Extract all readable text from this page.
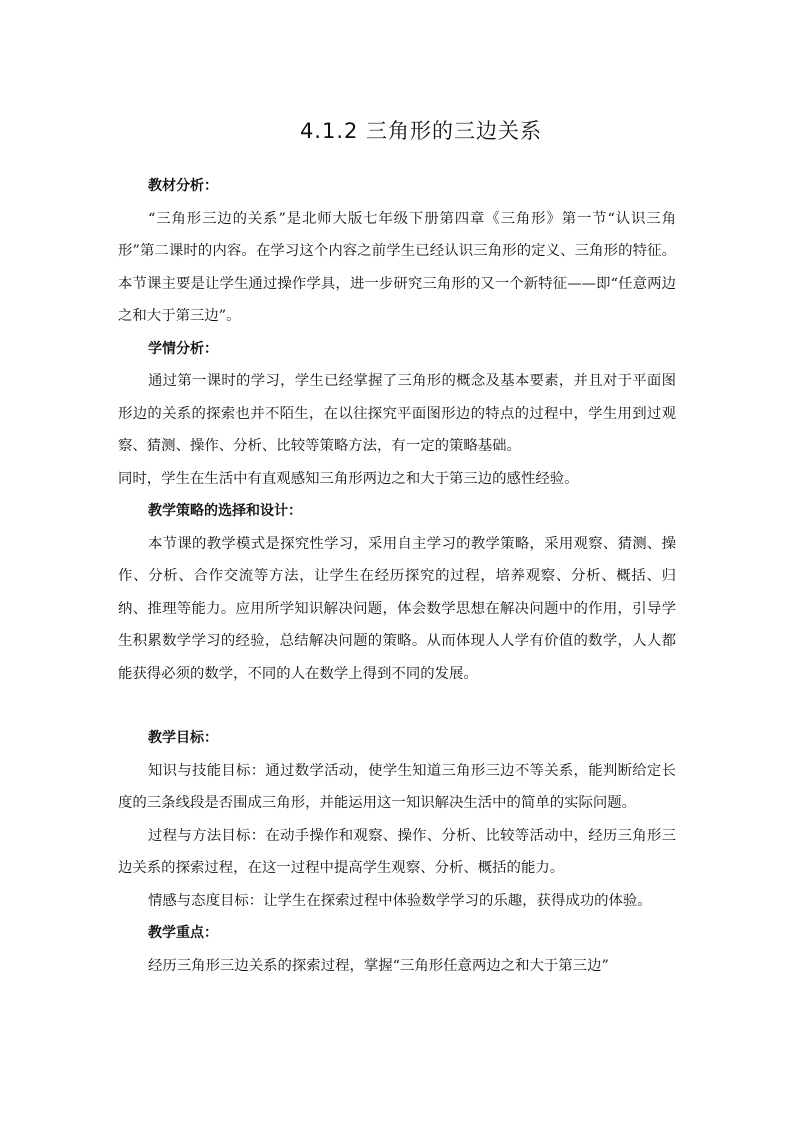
4.1.2 三角形的三边关系

教材分析：

“三角形三边的关系”是北师大版七年级下册第四章《三角形》第一节“认识三角形”第二课时的内容。在学习这个内容之前学生已经认识三角形的定义、三角形的特征。本节课主要是让学生通过操作学具，进一步研究三角形的又一个新特征——即“任意两边之和大于第三边”。

学情分析：

通过第一课时的学习，学生已经掌握了三角形的概念及基本要素，并且对于平面图形边的关系的探索也并不陌生，在以往探究平面图形边的特点的过程中，学生用到过观察、猜测、操作、分析、比较等策略方法，有一定的策略基础。

同时，学生在生活中有直观感知三角形两边之和大于第三边的感性经验。

教学策略的选择和设计：

本节课的教学模式是探究性学习，采用自主学习的教学策略，采用观察、猜测、操作、分析、合作交流等方法，让学生在经历探究的过程，培养观察、分析、概括、归纳、推理等能力。应用所学知识解决问题，体会数学思想在解决问题中的作用，引导学生积累数学学习的经验，总结解决问题的策略。从而体现人人学有价值的数学，人人都能获得必须的数学，不同的人在数学上得到不同的发展。

教学目标：

知识与技能目标：通过数学活动，使学生知道三角形三边不等关系，能判断给定长度的三条线段是否围成三角形，并能运用这一知识解决生活中的简单的实际问题。

过程与方法目标：在动手操作和观察、操作、分析、比较等活动中，经历三角形三边关系的探索过程，在这一过程中提高学生观察、分析、概括的能力。

情感与态度目标：让学生在探索过程中体验数学学习的乐趣，获得成功的体验。

教学重点：

经历三角形三边关系的探索过程，掌握“三角形任意两边之和大于第三边”
